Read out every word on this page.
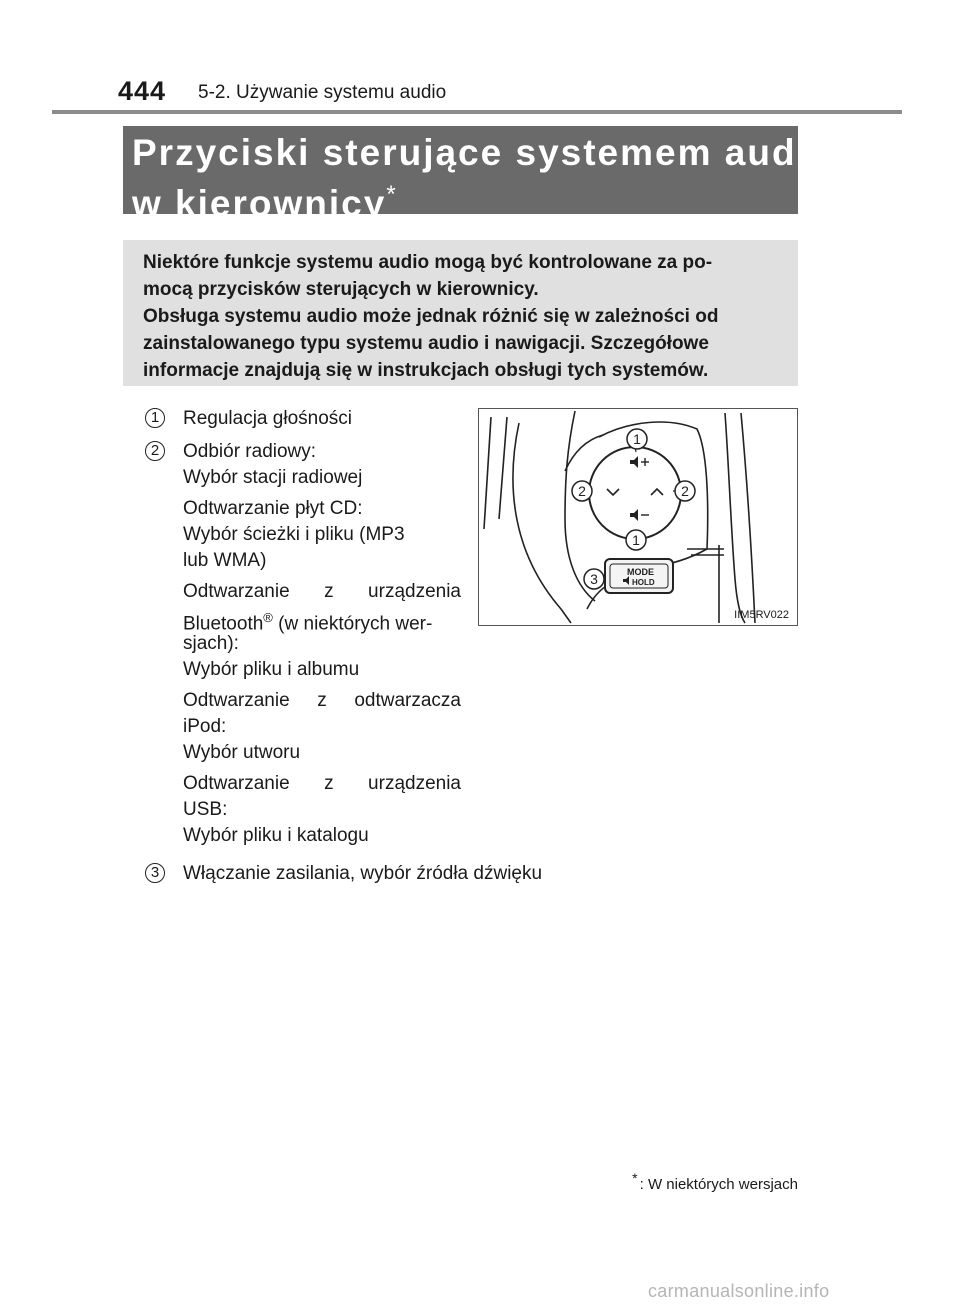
444 5-2. Używanie systemu audio
Przyciski sterujące systemem audio
w kierownicy*

Niektóre funkcje systemu audio mogą być kontrolowane za po-

mocą przycisków sterujących w kierownicy.

Obsługa systemu audio może jednak różnić się w zależności od

zainstalowanego typu systemu audio i nawigacji. Szczegółowe

informacje znajdują się w instrukcjach obsługi tych systemów.

1	Regulacja głośności
2	Odbiór radiowy:
Wybór stacji radiowej
Odtwarzanie płyt CD:
Wybór ścieżki i pliku (MP3
lub WMA)
Odtwarzanie z urządzenia
Bluetooth® (w niektórych wer-
sjach):
Wybór pliku i albumu
Odtwarzanie z odtwarzacza
iPod:
Wybór utworu
Odtwarzanie z urządzenia
USB:
Wybór pliku i katalogu
3	Włączanie zasilania, wybór źródła dźwięku
MODE
HOLD
1
2	2
1
3
IIM5RV022
* : W niektórych wersjach
carmanualsonline.info
